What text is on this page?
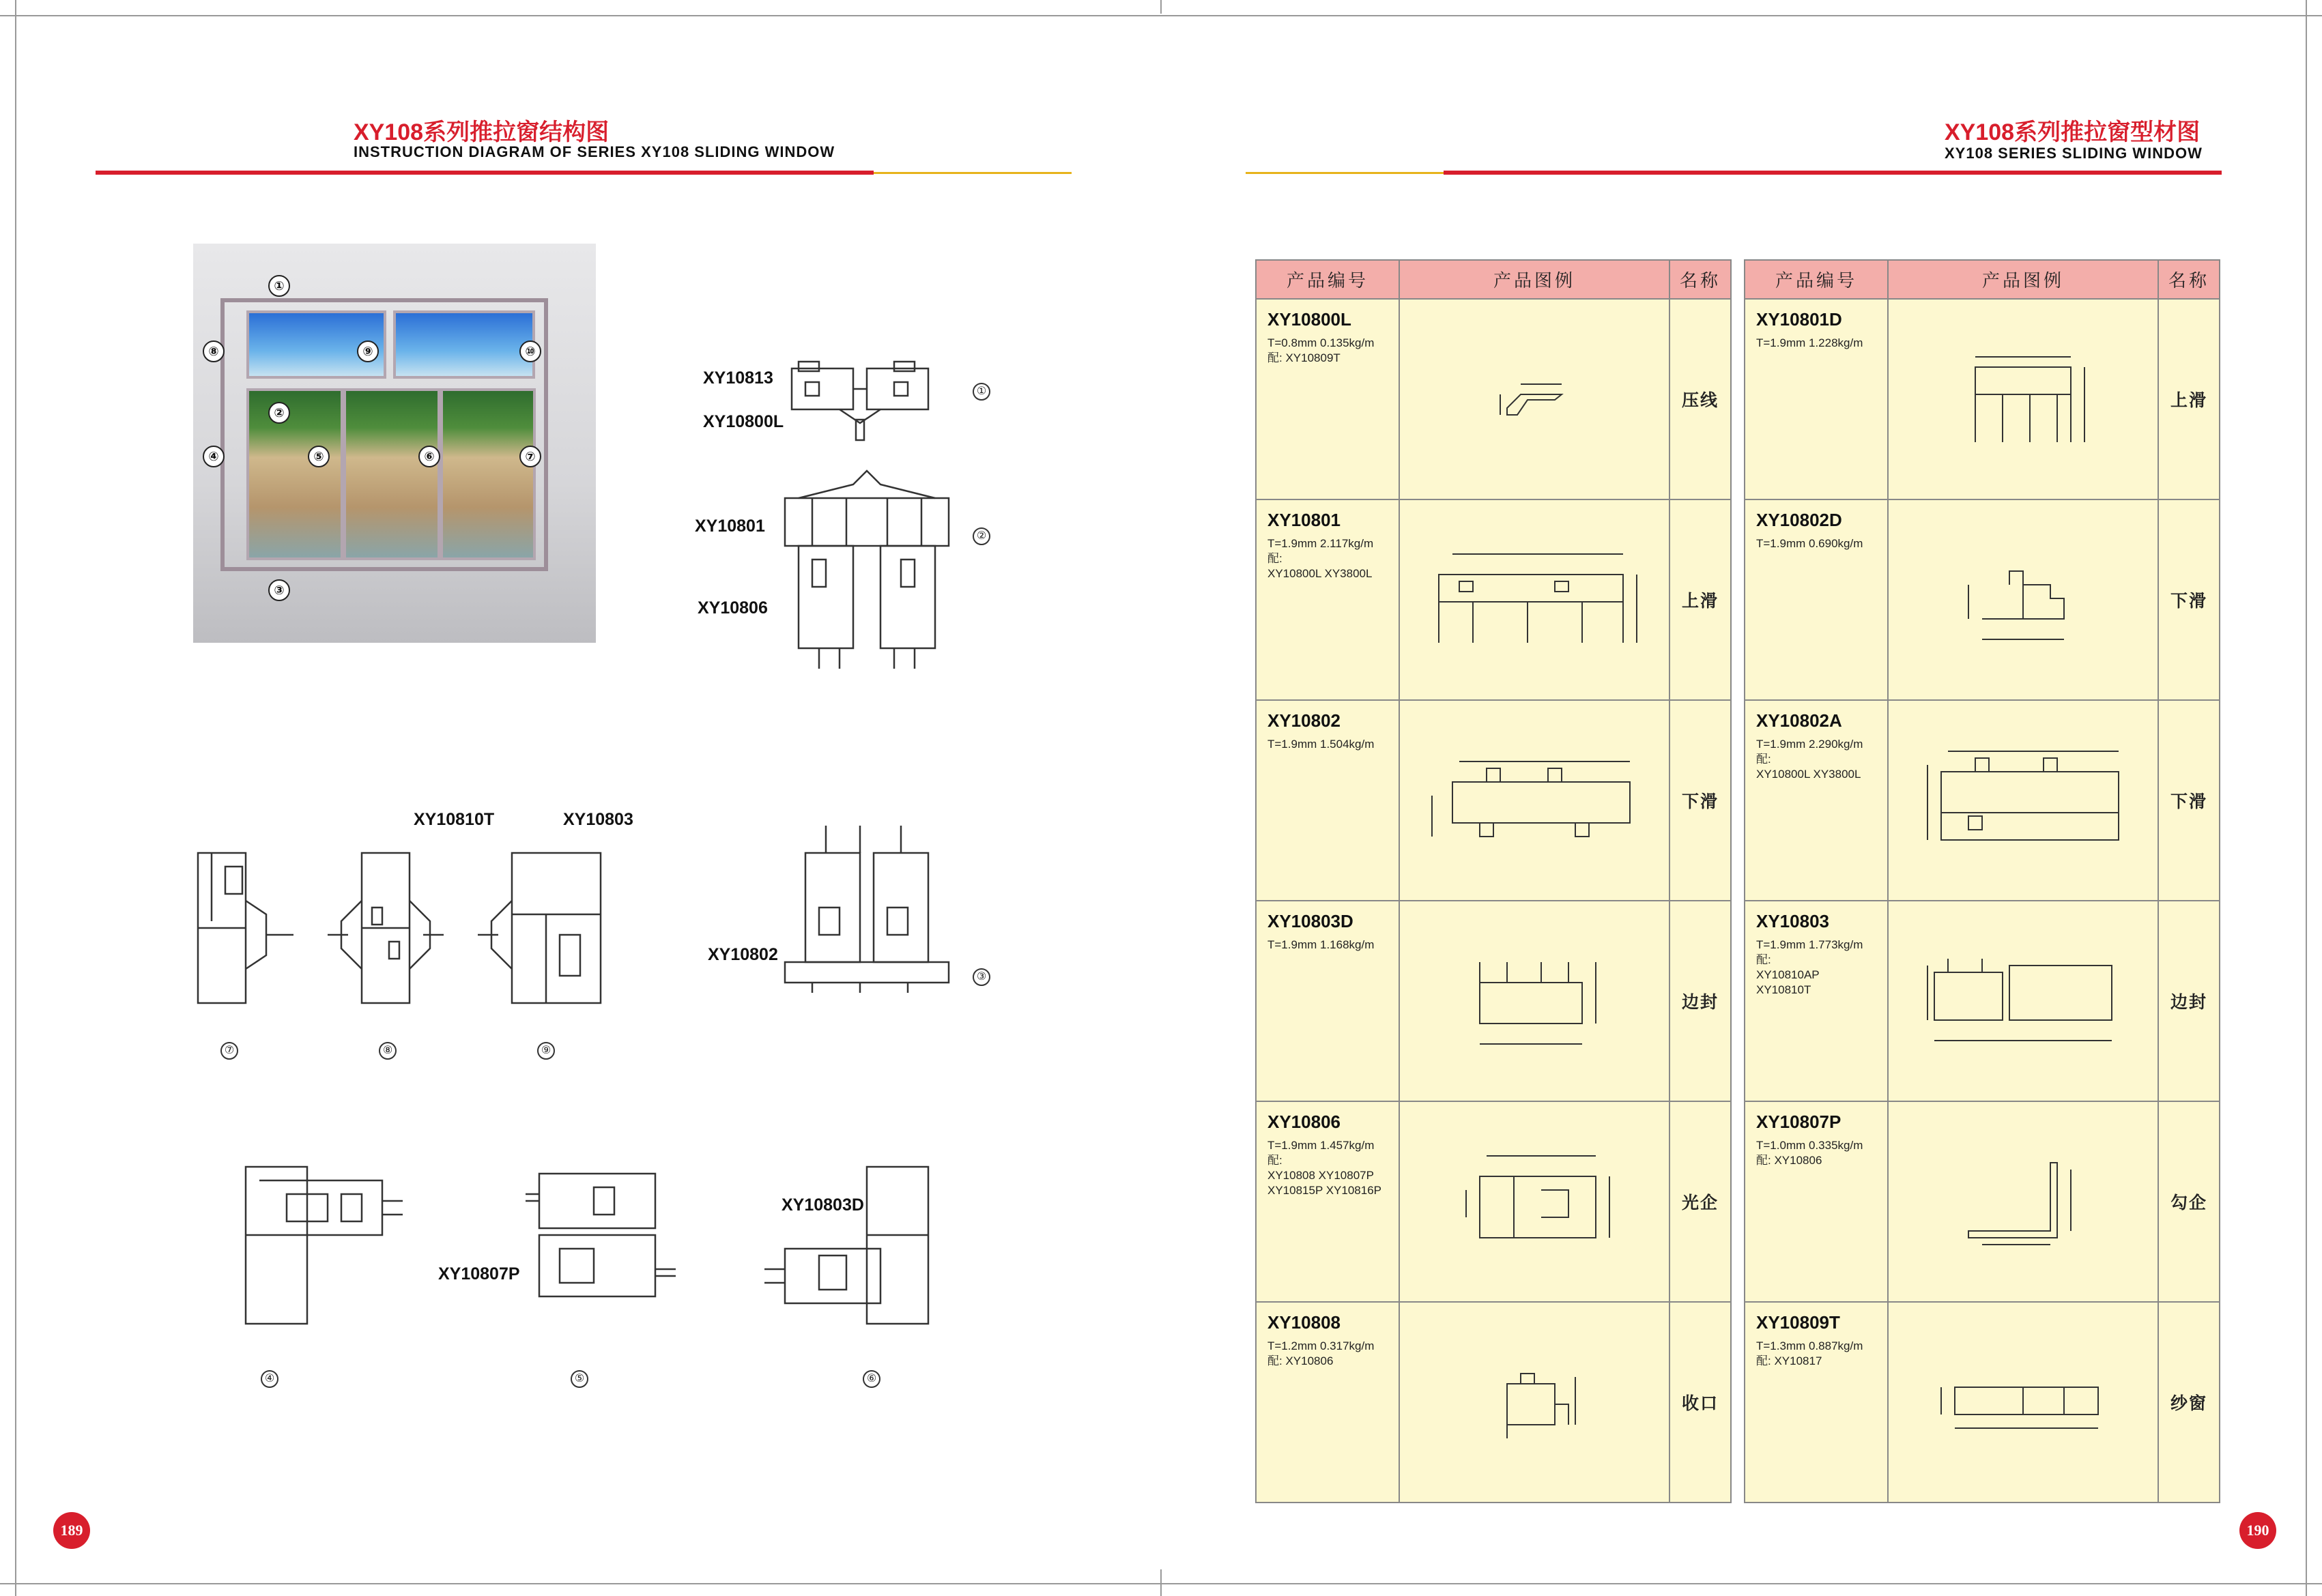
XY108系列推拉窗结构图
INSTRUCTION DIAGRAM OF SERIES XY108 SLIDING WINDOW
①
②
③
④	⑤	⑥	⑦
⑧	⑨	⑩
XY10813
XY10800L
①
XY10801
XY10806
②
XY10810T	XY10803
⑦	⑧	⑨
XY10802
③
XY10803D
XY10807P
④	⑤	⑥
189
XY108系列推拉窗型材图
XY108 SERIES SLIDING WINDOW
产品编号	产品图例	名称

XY10800L
T=0.8mm 0.135kg/m
配: XY10809T		压线

XY10801
T=1.9mm 2.117kg/m
配:
XY10800L XY3800L		上滑

XY10802
T=1.9mm 1.504kg/m		下滑

XY10803D
T=1.9mm 1.168kg/m		边封

XY10806
T=1.9mm 1.457kg/m
配:
XY10808 XY10807P
XY10815P XY10816P		光企

XY10808
T=1.2mm 0.317kg/m
配: XY10806		收口
产品编号	产品图例	名称

XY10801D
T=1.9mm 1.228kg/m		上滑

XY10802D
T=1.9mm 0.690kg/m		下滑

XY10802A
T=1.9mm 2.290kg/m
配:
XY10800L XY3800L		下滑

XY10803
T=1.9mm 1.773kg/m
配:
XY10810AP XY10810T		边封

XY10807P
T=1.0mm 0.335kg/m
配: XY10806		勾企

XY10809T
T=1.3mm 0.887kg/m
配: XY10817		纱窗
190
